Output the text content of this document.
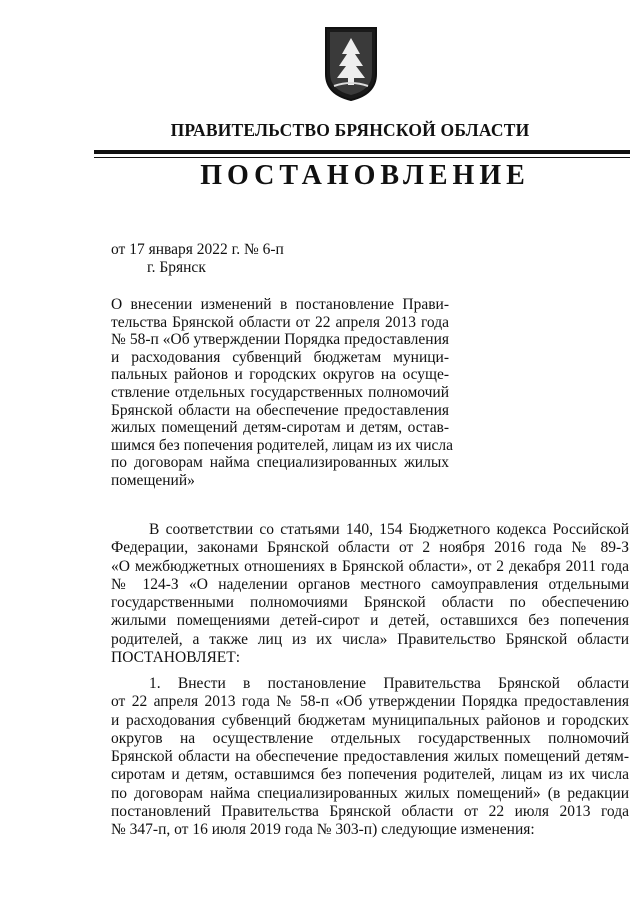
ПРАВИТЕЛЬСТВО БРЯНСКОЙ ОБЛАСТИ
ПОСТАНОВЛЕНИЕ
от 17 января 2022 г. № 6-п
г. Брянск
О внесении изменений в постановление Прави-
тельства Брянской области от 22 апреля 2013 года
№ 58-п «Об утверждении Порядка предоставления
и расходования субвенций бюджетам муници-
пальных районов и городских округов на осуще-
ствление отдельных государственных полномочий
Брянской области на обеспечение предоставления
жилых помещений детям-сиротам и детям, остав-
шимся без попечения родителей, лицам из их числа
по договорам найма специализированных жилых
помещений»
В соответствии со статьями 140, 154 Бюджетного кодекса Российской
Федерации, законами Брянской области от 2 ноября 2016 года № 89-З
«О межбюджетных отношениях в Брянской области», от 2 декабря 2011 года
№ 124-З «О наделении органов местного самоуправления отдельными
государственными полномочиями Брянской области по обеспечению
жилыми помещениями детей-сирот и детей, оставшихся без попечения
родителей, а также лиц из их числа» Правительство Брянской области
ПОСТАНОВЛЯЕТ:
1. Внести в постановление Правительства Брянской области
от 22 апреля 2013 года № 58-п «Об утверждении Порядка предоставления
и расходования субвенций бюджетам муниципальных районов и городских
округов на осуществление отдельных государственных полномочий
Брянской области на обеспечение предоставления жилых помещений детям-
сиротам и детям, оставшимся без попечения родителей, лицам из их числа
по договорам найма специализированных жилых помещений» (в редакции
постановлений Правительства Брянской области от 22 июля 2013 года
№ 347-п, от 16 июля 2019 года № 303-п) следующие изменения:
